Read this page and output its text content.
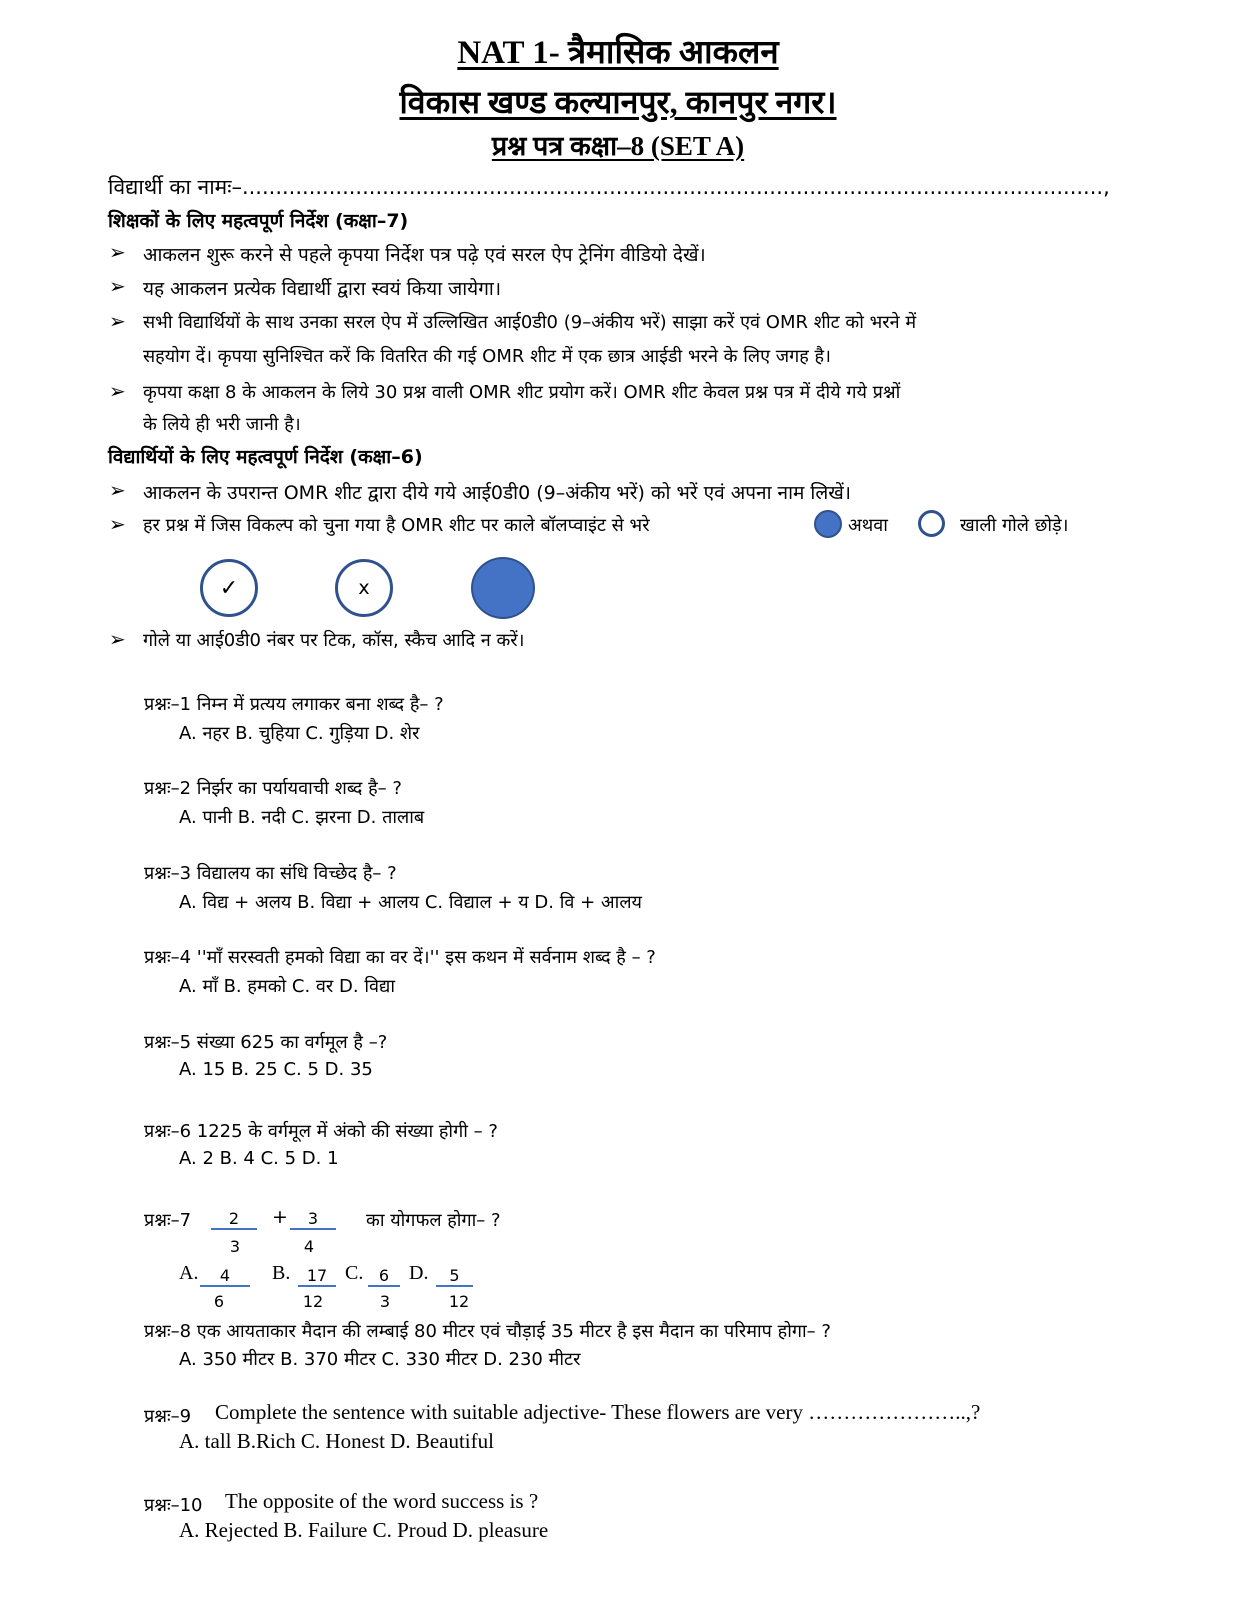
NAT 1- त्रैमासिक आकलन
विकास खण्ड कल्यानपुर, कानपुर नगर।
प्रश्न पत्र कक्षा–8 (SET A)
विद्यार्थी का नामः–.................................................................................................................................,
शिक्षकों के लिए महत्वपूर्ण निर्देश (कक्षा–7)
➢ आकलन शुरू करने से पहले कृपया निर्देश पत्र पढ़े एवं सरल ऐप ट्रेनिंग वीडियो देखें।
➢ यह आकलन प्रत्येक विद्यार्थी द्वारा स्वयं किया जायेगा।
➢ सभी विद्यार्थियों के साथ उनका सरल ऐप में उल्लिखित आई0डी0 (9–अंकीय भरें) साझा करें एवं OMR शीट को भरने में
सहयोग दें। कृपया सुनिश्चित करें कि वितरित की गई OMR शीट में एक छात्र आईडी भरने के लिए जगह है।
➢ कृपया कक्षा 8 के आकलन के लिये 30 प्रश्न वाली OMR शीट प्रयोग करें। OMR शीट केवल प्रश्न पत्र में दीये गये प्रश्नों
के लिये ही भरी जानी है।
विद्यार्थियों के लिए महत्वपूर्ण निर्देश (कक्षा–6)
➢ आकलन के उपरान्त OMR शीट द्वारा दीये गये आई0डी0 (9–अंकीय भरें) को भरें एवं अपना नाम लिखें।
➢ हर प्रश्न में जिस विकल्प को चुना गया है OMR शीट पर काले बॉलप्वाइंट से भरे	अथवा	खाली गोले छोड़े।
✓	x
➢ गोले या आई0डी0 नंबर पर टिक, कॉस, स्कैच आदि न करें।
प्रश्नः–1 निम्न में प्रत्यय लगाकर बना शब्द है– ?
A. नहर B. चुहिया C. गुड़िया D. शेर
प्रश्नः–2 निर्झर का पर्यायवाची शब्द है– ?
A. पानी B. नदी C. झरना D. तालाब
प्रश्नः–3 विद्यालय का संधि विच्छेद है– ?
A. विद्य + अलय B. विद्या + आलय C. विद्याल + य D. वि + आलय
प्रश्नः–4 ''माँ सरस्वती हमको विद्या का वर दें।'' इस कथन में सर्वनाम शब्द है – ?
A. माँ B. हमको C. वर D. विद्या
प्रश्नः–5 संख्या 625 का वर्गमूल है –?
A. 15 B. 25 C. 5 D. 35
प्रश्नः–6 1225 के वर्गमूल में अंको की संख्या होगी – ?
A. 2 B. 4 C. 5 D. 1
प्रश्नः–7	2
3
+	3
4
का योगफल होगा– ?
A.	4
6
B.	17
12
C. 6
3
D.	5
12
प्रश्नः–8 एक आयताकार मैदान की लम्बाई 80 मीटर एवं चौड़ाई 35 मीटर है इस मैदान का परिमाप होगा– ?
A. 350 मीटर B. 370 मीटर C. 330 मीटर D. 230 मीटर
प्रश्नः–9 Complete the sentence with suitable adjective- These flowers are very …………………..,?
A. tall B.Rich C. Honest D. Beautiful
प्रश्नः–10 The opposite of the word success is ?
A. Rejected B. Failure C. Proud D. pleasure
